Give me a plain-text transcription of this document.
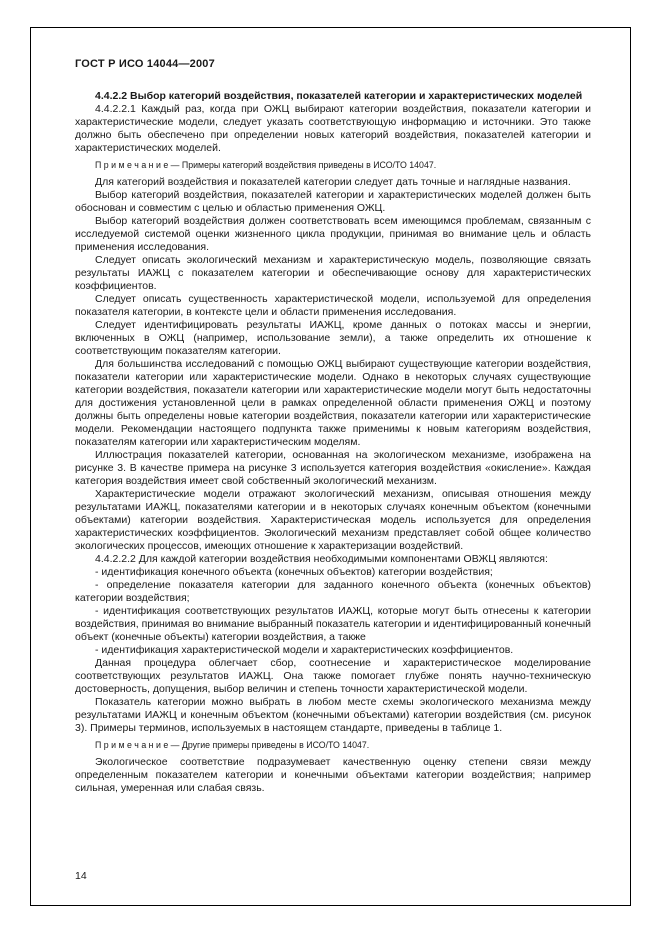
ГОСТ Р ИСО 14044—2007

4.4.2.2 Выбор категорий воздействия, показателей категории и характеристических моделей

4.4.2.2.1 Каждый раз, когда при ОЖЦ выбирают категории воздействия, показатели категории и характеристические модели, следует указать соответствующую информацию и источники. Это также должно быть обеспечено при определении новых категорий воздействия, показателей категории и характеристических моделей.

П р и м е ч а н и е — Примеры категорий воздействия приведены в ИСО/ТО 14047.

Для категорий воздействия и показателей категории следует дать точные и наглядные названия.

Выбор категорий воздействия, показателей категории и характеристических моделей должен быть обоснован и совместим с целью и областью применения ОЖЦ.

Выбор категорий воздействия должен соответствовать всем имеющимся проблемам, связанным с исследуемой системой оценки жизненного цикла продукции, принимая во внимание цель и область применения исследования.

Следует описать экологический механизм и характеристическую модель, позволяющие связать результаты ИАЖЦ с показателем категории и обеспечивающие основу для характеристических коэффициентов.

Следует описать существенность характеристической модели, используемой для определения показателя категории, в контексте цели и области применения исследования.

Следует идентифицировать результаты ИАЖЦ, кроме данных о потоках массы и энергии, включенных в ОЖЦ (например, использование земли), а также определить их отношение к соответствующим показателям категории.

Для большинства исследований с помощью ОЖЦ выбирают существующие категории воздействия, показатели категории или характеристические модели. Однако в некоторых случаях существующие категории воздействия, показатели категории или характеристические модели могут быть недостаточны для достижения установленной цели в рамках определенной области применения ОЖЦ и поэтому должны быть определены новые категории воздействия, показатели категории или характеристические модели. Рекомендации настоящего подпункта также применимы к новым категориям воздействия, показателям категории или характеристическим моделям.

Иллюстрация показателей категории, основанная на экологическом механизме, изображена на рисунке 3. В качестве примера на рисунке 3 используется категория воздействия «окисление». Каждая категория воздействия имеет свой собственный экологический механизм.

Характеристические модели отражают экологический механизм, описывая отношения между результатами ИАЖЦ, показателями категории и в некоторых случаях конечным объектом (конечными объектами) категории воздействия. Характеристическая модель используется для определения характеристических коэффициентов. Экологический механизм представляет собой общее количество экологических процессов, имеющих отношение к характеризации воздействий.

4.4.2.2.2 Для каждой категории воздействия необходимыми компонентами ОВЖЦ являются:

- идентификация конечного объекта (конечных объектов) категории воздействия;

- определение показателя категории для заданного конечного объекта (конечных объектов) категории воздействия;

- идентификация соответствующих результатов ИАЖЦ, которые могут быть отнесены к категории воздействия, принимая во внимание выбранный показатель категории и идентифицированный конечный объект (конечные объекты) категории воздействия, а также

- идентификация характеристической модели и характеристических коэффициентов.

Данная процедура облегчает сбор, соотнесение и характеристическое моделирование соответствующих результатов ИАЖЦ. Она также помогает глубже понять научно-техническую достоверность, допущения, выбор величин и степень точности характеристической модели.

Показатель категории можно выбрать в любом месте схемы экологического механизма между результатами ИАЖЦ и конечным объектом (конечными объектами) категории воздействия (см. рисунок 3). Примеры терминов, используемых в настоящем стандарте, приведены в таблице 1.

П р и м е ч а н и е — Другие примеры приведены в ИСО/ТО 14047.

Экологическое соответствие подразумевает качественную оценку степени связи между определенным показателем категории и конечными объектами категории воздействия; например сильная, умеренная или слабая связь.

14
